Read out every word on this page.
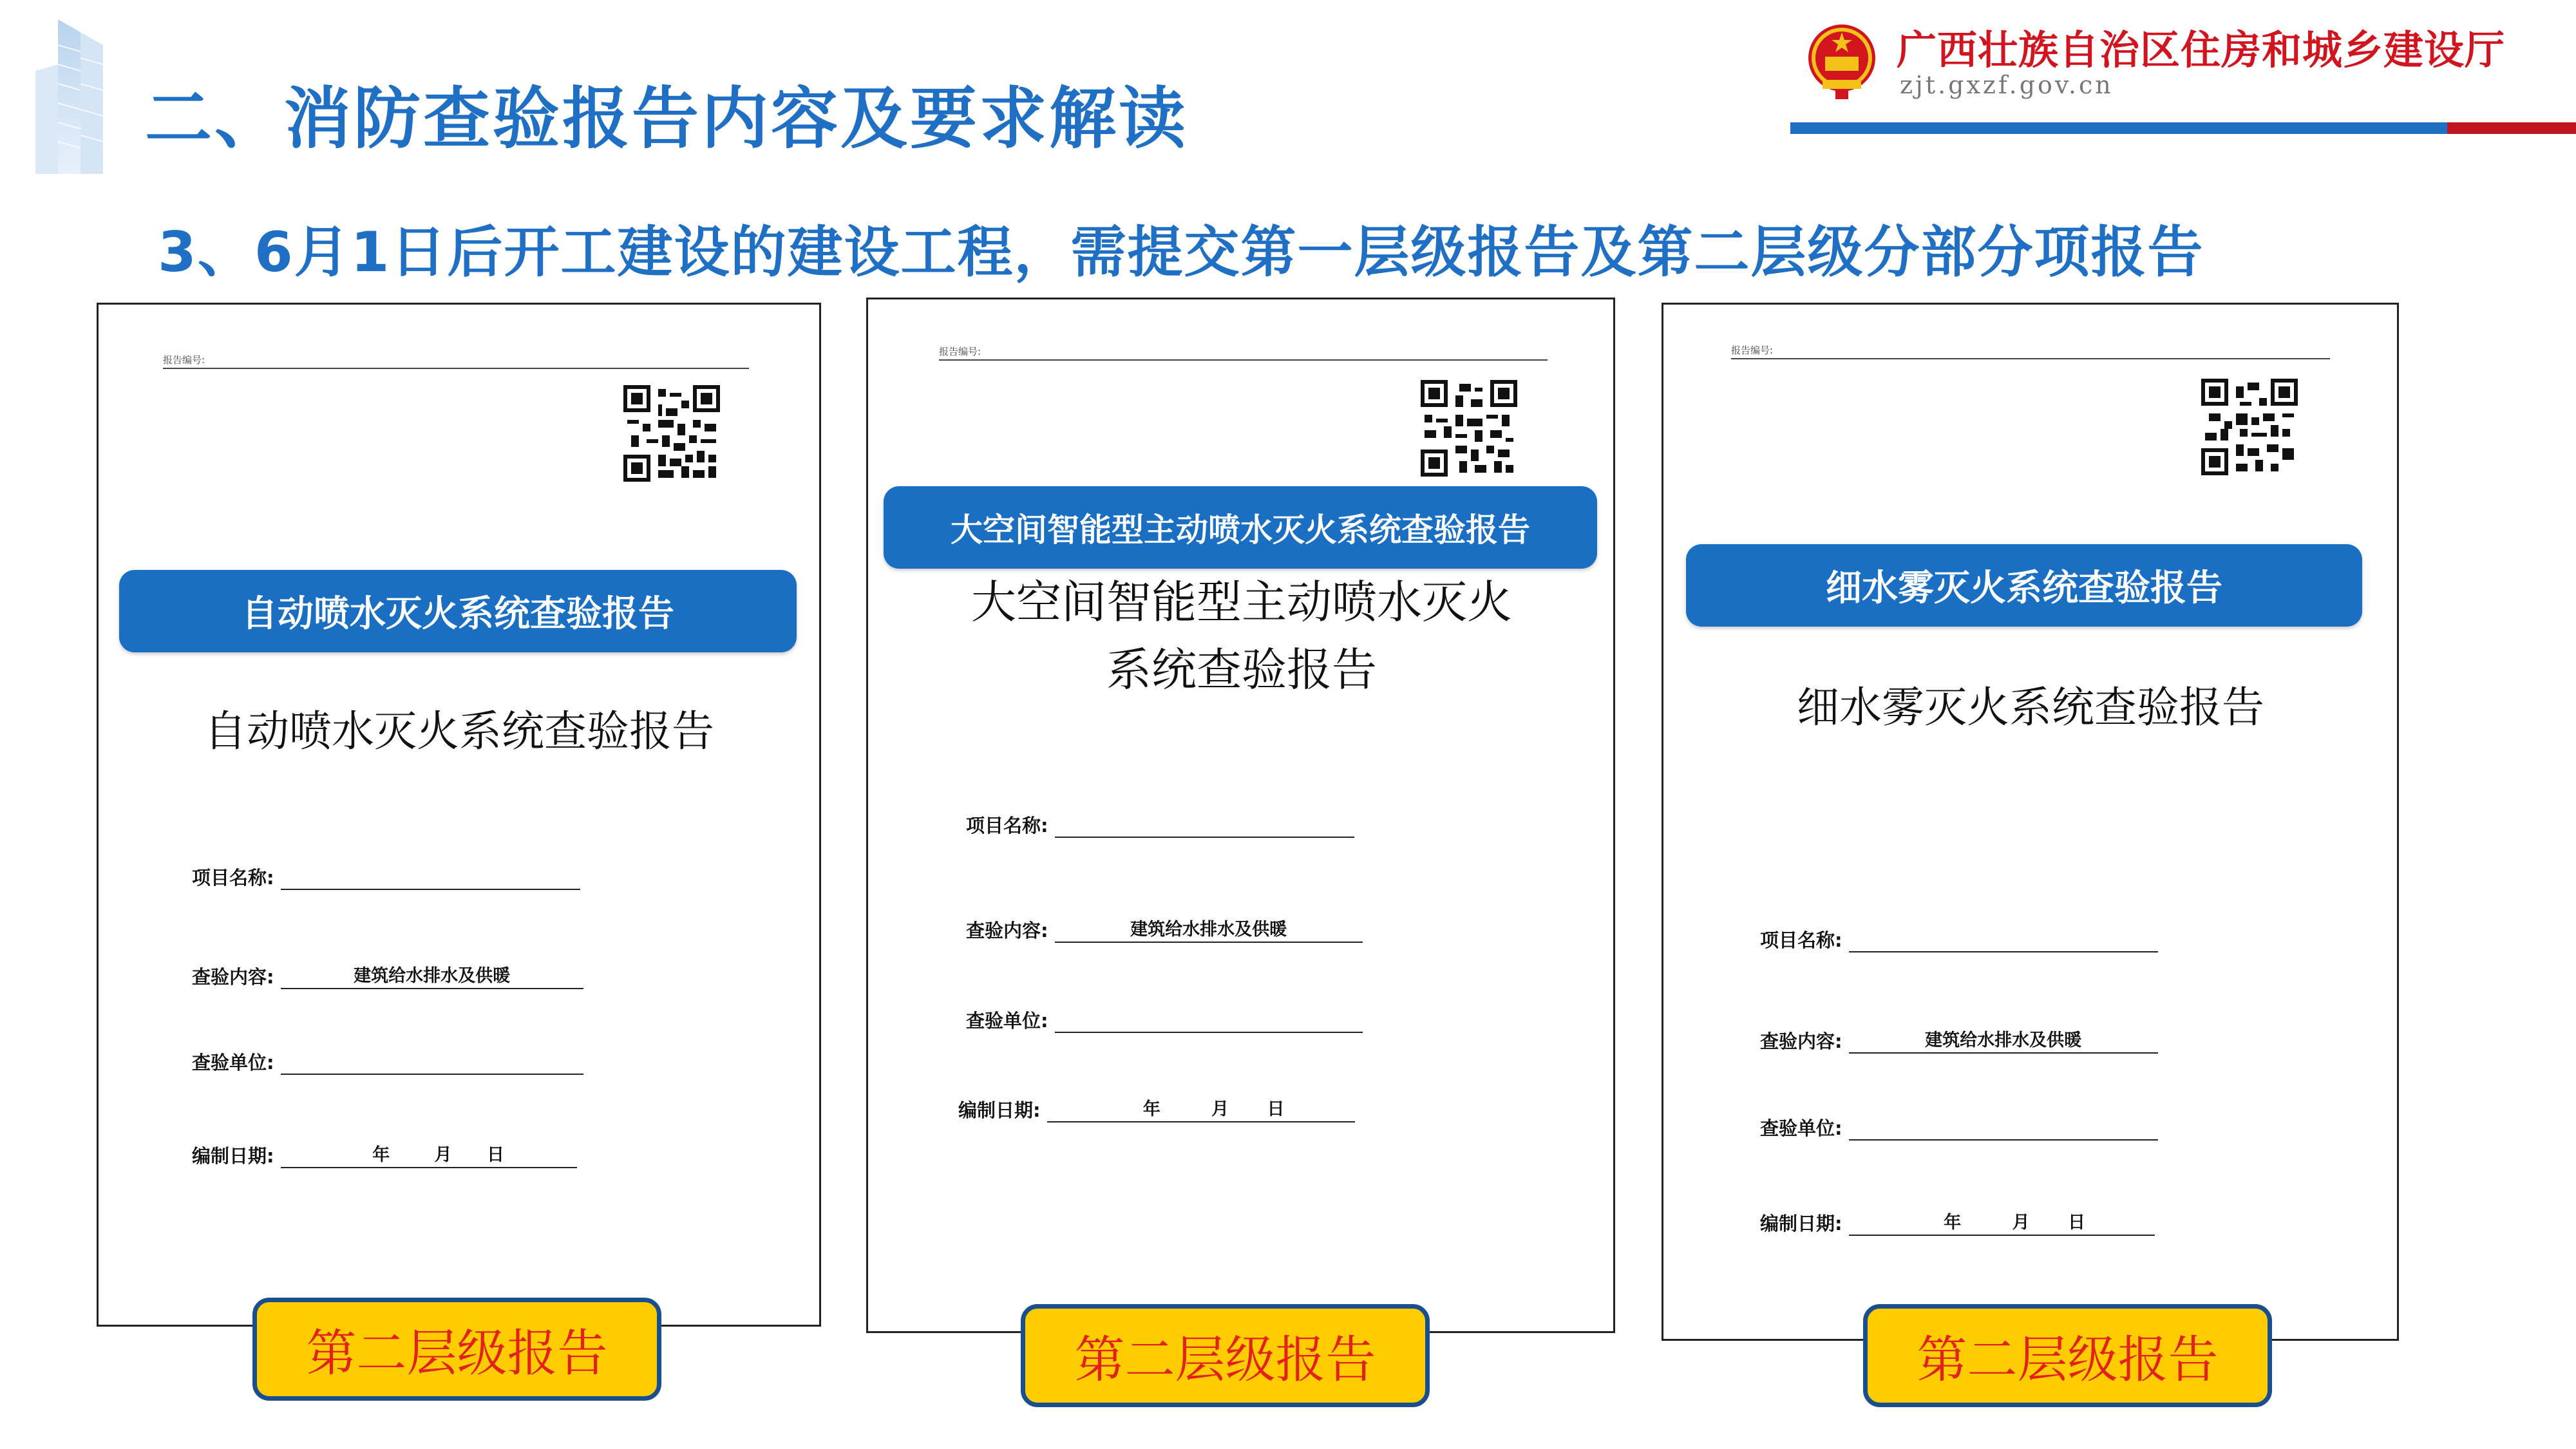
二、消防查验报告内容及要求解读
广西壮族自治区住房和城乡建设厅
zjt.gxzf.gov.cn
3、6月1日后开工建设的建设工程，需提交第一层级报告及第二层级分部分项报告
报告编号:
自动喷水灭火系统查验报告
项目名称:
查验内容:	建筑给水排水及供暖
查验单位:
编制日期:	年	月 日
自动喷水灭火系统查验报告
第二层级报告
报告编号:
大空间智能型主动喷水灭火
系统查验报告
项目名称:
查验内容:	建筑给水排水及供暖
查验单位:
编制日期:	年	月 日
大空间智能型主动喷水灭火系统查验报告
第二层级报告
报告编号:
细水雾灭火系统查验报告
项目名称:
查验内容:	建筑给水排水及供暖
查验单位:
编制日期:	年	月 日
细水雾灭火系统查验报告
第二层级报告
